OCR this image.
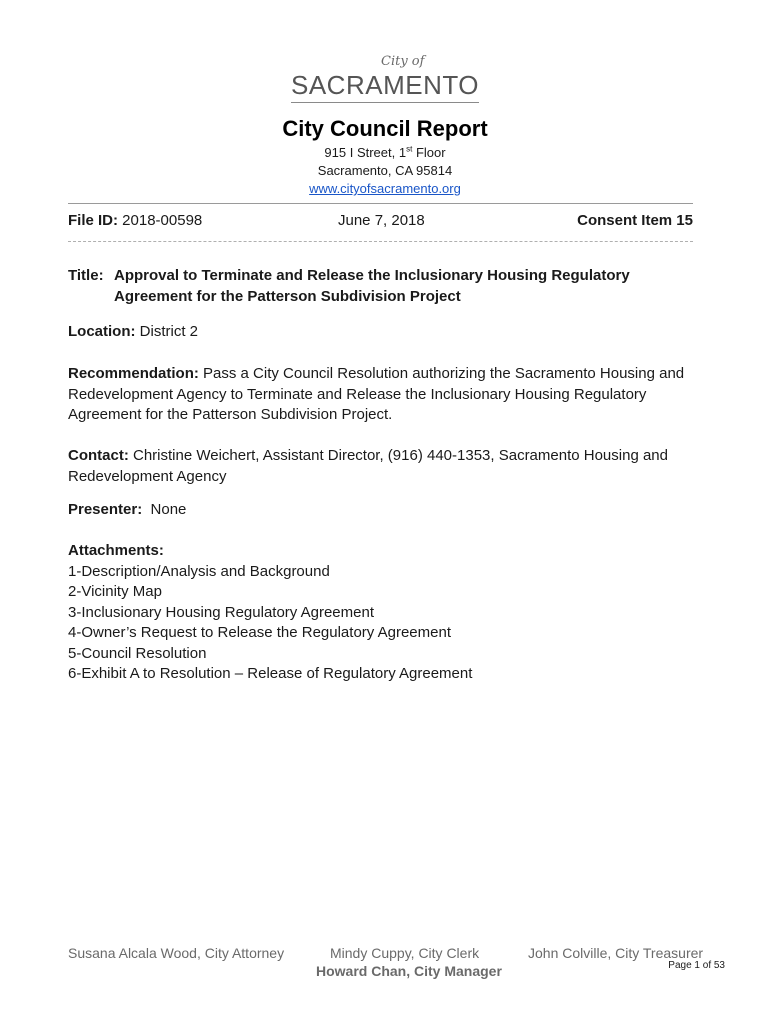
City of
SACRAMENTO
City Council Report
915 I Street, 1st Floor
Sacramento, CA 95814
www.cityofsacramento.org
File ID: 2018-00598	June 7, 2018	Consent Item 15
Title: Approval to Terminate and Release the Inclusionary Housing Regulatory
Agreement for the Patterson Subdivision Project
Location: District 2
Recommendation: Pass a City Council Resolution authorizing the Sacramento Housing and Redevelopment Agency to Terminate and Release the Inclusionary Housing Regulatory Agreement for the Patterson Subdivision Project.
Contact: Christine Weichert, Assistant Director, (916) 440-1353, Sacramento Housing and Redevelopment Agency
Presenter:  None
Attachments:
1-Description/Analysis and Background
2-Vicinity Map
3-Inclusionary Housing Regulatory Agreement
4-Owner’s Request to Release the Regulatory Agreement
5-Council Resolution
6-Exhibit A to Resolution – Release of Regulatory Agreement
Susana Alcala Wood, City Attorney	Mindy Cuppy, City Clerk	John Colville, City Treasurer
Howard Chan, City Manager	Page 1 of 53
